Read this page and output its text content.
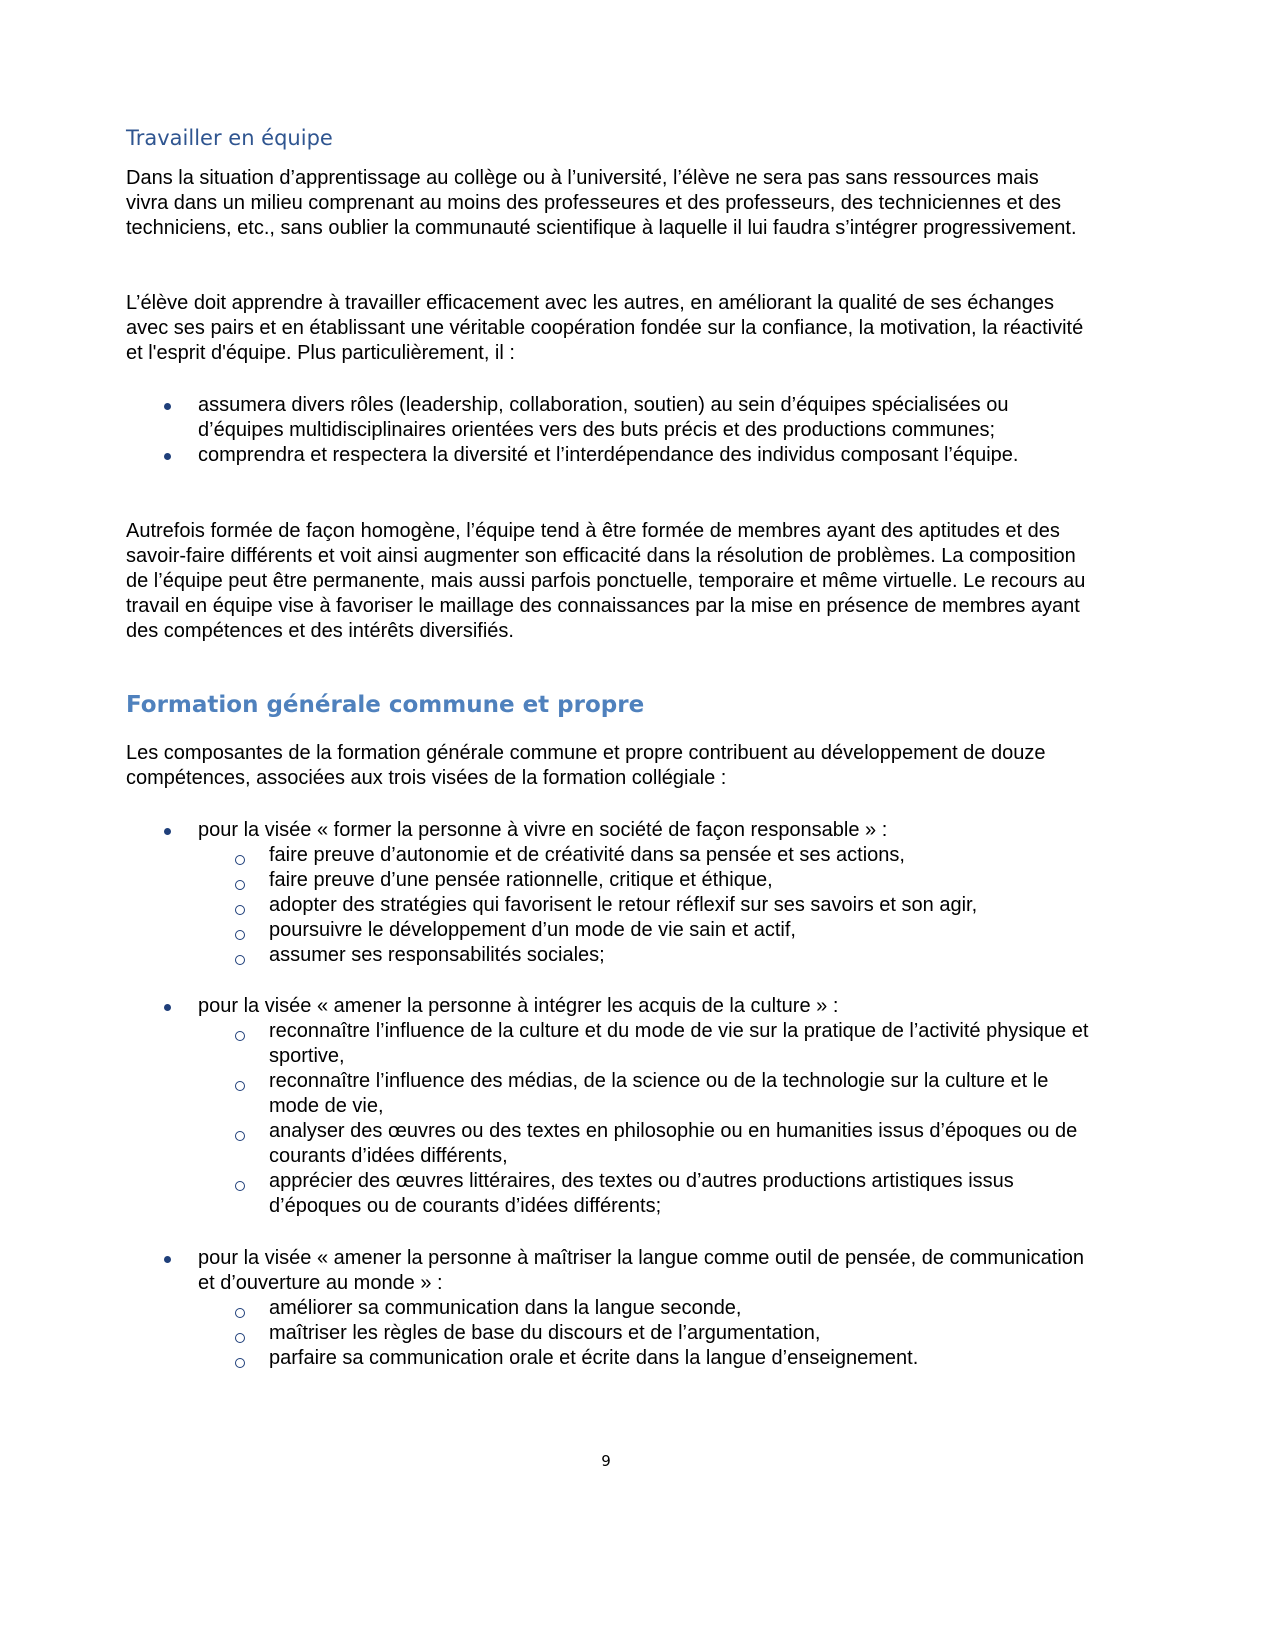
Travailler en équipe
Dans la situation d’apprentissage au collège ou à l’université, l’élève ne sera pas sans ressources mais vivra dans un milieu comprenant au moins des professeures et des professeurs, des techniciennes et des techniciens, etc., sans oublier la communauté scientifique à laquelle il lui faudra s’intégrer progressivement.
L’élève doit apprendre à travailler efficacement avec les autres, en améliorant la qualité de ses échanges avec ses pairs et en établissant une véritable coopération fondée sur la confiance, la motivation, la réactivité et l'esprit d'équipe. Plus particulièrement, il :
assumera divers rôles (leadership, collaboration, soutien) au sein d’équipes spécialisées ou d’équipes multidisciplinaires orientées vers des buts précis et des productions communes;
comprendra et respectera la diversité et l’interdépendance des individus composant l’équipe.
Autrefois formée de façon homogène, l’équipe tend à être formée de membres ayant des aptitudes et des savoir-faire différents et voit ainsi augmenter son efficacité dans la résolution de problèmes. La composition de l’équipe peut être permanente, mais aussi parfois ponctuelle, temporaire et même virtuelle. Le recours au travail en équipe vise à favoriser le maillage des connaissances par la mise en présence de membres ayant des compétences et des intérêts diversifiés.
Formation générale commune et propre
Les composantes de la formation générale commune et propre contribuent au développement de douze compétences, associées aux trois visées de la formation collégiale :
pour la visée « former la personne à vivre en société de façon responsable » :
faire preuve d’autonomie et de créativité dans sa pensée et ses actions,
faire preuve d’une pensée rationnelle, critique et éthique,
adopter des stratégies qui favorisent le retour réflexif sur ses savoirs et son agir,
poursuivre le développement d’un mode de vie sain et actif,
assumer ses responsabilités sociales;
pour la visée « amener la personne à intégrer les acquis de la culture » :
reconnaître l’influence de la culture et du mode de vie sur la pratique de l’activité physique et sportive,
reconnaître l’influence des médias, de la science ou de la technologie sur la culture et le mode de vie,
analyser des œuvres ou des textes en philosophie ou en humanities issus d’époques ou de courants d’idées différents,
apprécier des œuvres littéraires, des textes ou d’autres productions artistiques issus d’époques ou de courants d’idées différents;
pour la visée « amener la personne à maîtriser la langue comme outil de pensée, de communication et d’ouverture au monde » :
améliorer sa communication dans la langue seconde,
maîtriser les règles de base du discours et de l’argumentation,
parfaire sa communication orale et écrite dans la langue d’enseignement.
9
